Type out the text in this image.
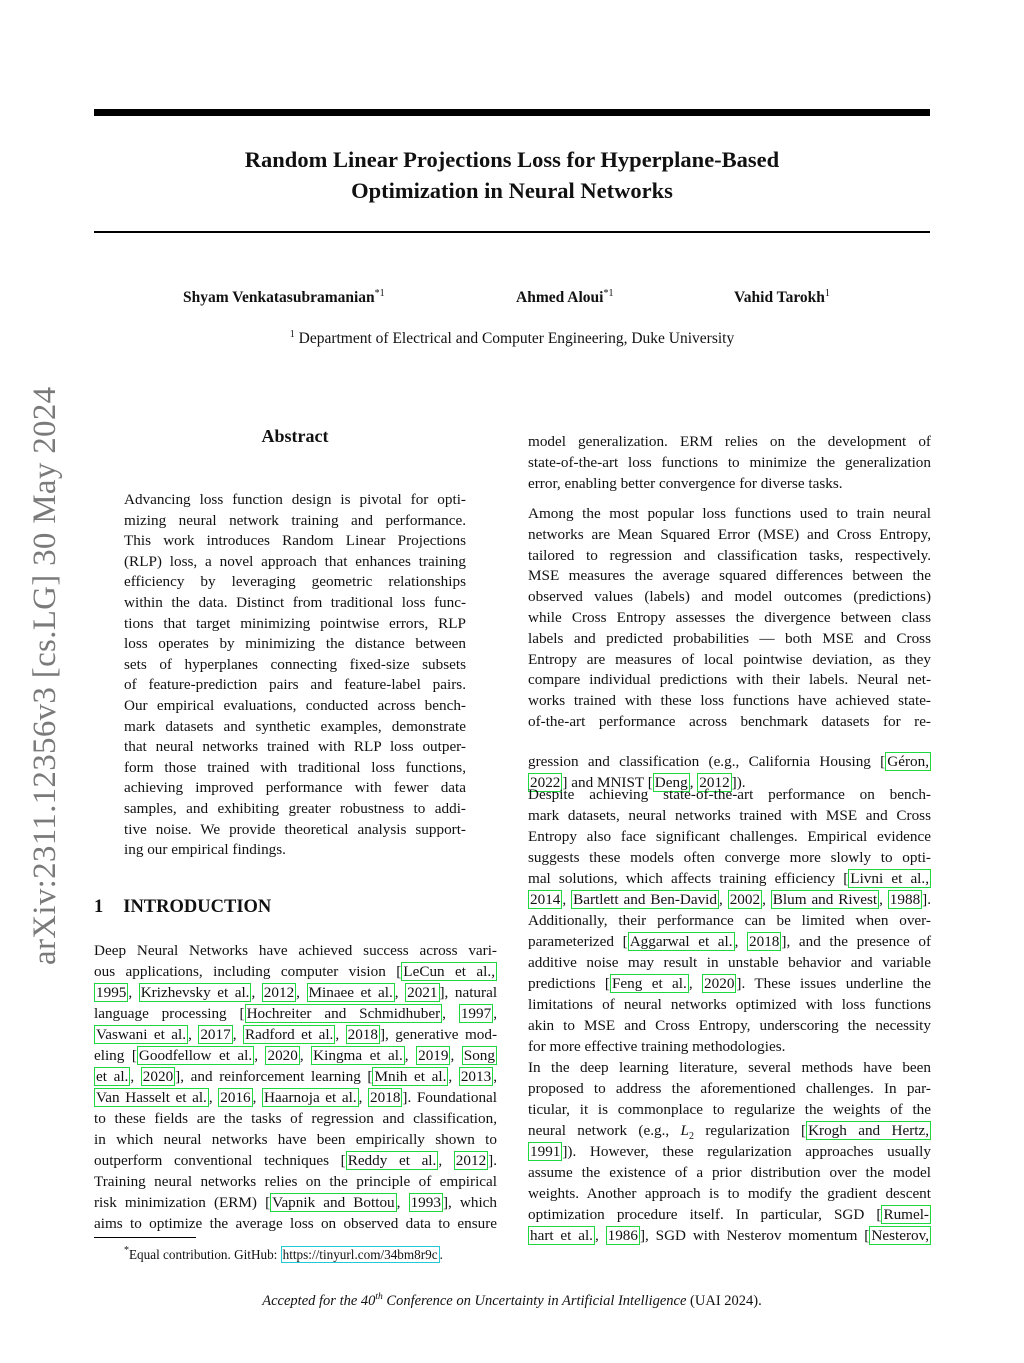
Random Linear Projections Loss for Hyperplane-Based
Optimization in Neural Networks
Shyam Venkatasubramanian$^{*1}$	Ahmed Aloui$^{*1}$	Vahid Tarokh$^1$
$^1$ Department of Electrical and Computer Engineering, Duke University
arXiv:2311.12356v3 [cs.LG] 30 May 2024	Abstract
Advancing loss function design is pivotal for opti-
mizing neural network training and performance.
This work introduces Random Linear Projections
(RLP) loss, a novel approach that enhances training
efficiency by leveraging geometric relationships
within the data. Distinct from traditional loss func-
tions that target minimizing pointwise errors, RLP
loss operates by minimizing the distance between
sets of hyperplanes connecting fixed-size subsets
of feature-prediction pairs and feature-label pairs.
Our empirical evaluations, conducted across bench-
mark datasets and synthetic examples, demonstrate
that neural networks trained with RLP loss outper-
form those trained with traditional loss functions,
achieving improved performance with fewer data
samples, and exhibiting greater robustness to addi-
tive noise. We provide theoretical analysis support-
ing our empirical findings.
1 INTRODUCTION
Deep Neural Networks have achieved success across vari-
ous applications, including computer vision [ LeCun et al.,
1995 , Krizhevsky et al. , 2012 , Minaee et al. , 2021 ], natural
language processing [ Hochreiter and Schmidhuber , 1997 ,
Vaswani et al. , 2017 , Radford et al. , 2018 ], generative mod-
eling [ Goodfellow et al. , 2020 , Kingma et al. , 2019 , Song
et al. , 2020 ], and reinforcement learning [ Mnih et al. , 2013 ,
Van Hasselt et al. , 2016 , Haarnoja et al. , 2018 ]. Foundational
to these fields are the tasks of regression and classification,
in which neural networks have been empirically shown to
outperform conventional techniques [ Reddy et al. , 2012 ].
Training neural networks relies on the principle of empirical
risk minimization (ERM) [ Vapnik and Bottou , 1993 ], which
aims to optimize the average loss on observed data to ensure
*Equal contribution. GitHub: https://tinyurl.com/34bm8r9c .
model generalization. ERM relies on the development of
state-of-the-art loss functions to minimize the generalization
error, enabling better convergence for diverse tasks.
gression and classification (e.g., California Housing [ Géron,
2022 ] and MNIST [ Deng , 2012 ]).
Among the most popular loss functions used to train neural
networks are Mean Squared Error (MSE) and Cross Entropy,
tailored to regression and classification tasks, respectively.
MSE measures the average squared differences between the
observed values (labels) and model outcomes (predictions)
while Cross Entropy assesses the divergence between class
labels and predicted probabilities — both MSE and Cross
Entropy are measures of local pointwise deviation, as they
compare individual predictions with their labels. Neural net-
works trained with these loss functions have achieved state-
of-the-art performance across benchmark datasets for re-
mal solutions, which affects training efficiency [ Livni et al.,
2014 , Bartlett and Ben-David , 2002 , Blum and Rivest , 1988 ].
Additionally, their performance can be limited when over-
parameterized [ Aggarwal et al. , 2018 ], and the presence of
additive noise may result in unstable behavior and variable
predictions [ Feng et al. , 2020 ]. These issues underline the
Despite achieving state-of-the-art performance on bench-
mark datasets, neural networks trained with MSE and Cross
Entropy also face significant challenges. Empirical evidence
suggests these models often converge more slowly to opti-
limitations of neural networks optimized with loss functions
akin to MSE and Cross Entropy, underscoring the necessity
for more effective training methodologies.
neural network (e.g., $L_2$ regularization [ Krogh and Hertz,
1991 ]). However, these regularization approaches usually
assume the existence of a prior distribution over the model
weights. Another approach is to modify the gradient descent
optimization procedure itself. In particular, SGD [ Rumel-
hart et al. , 1986 ], SGD with Nesterov momentum [ Nesterov,
In the deep learning literature, several methods have been
proposed to address the aforementioned challenges. In par-
ticular, it is commonplace to regularize the weights of the
Accepted for the 40th Conference on Uncertainty in Artificial Intelligence (UAI 2024).
